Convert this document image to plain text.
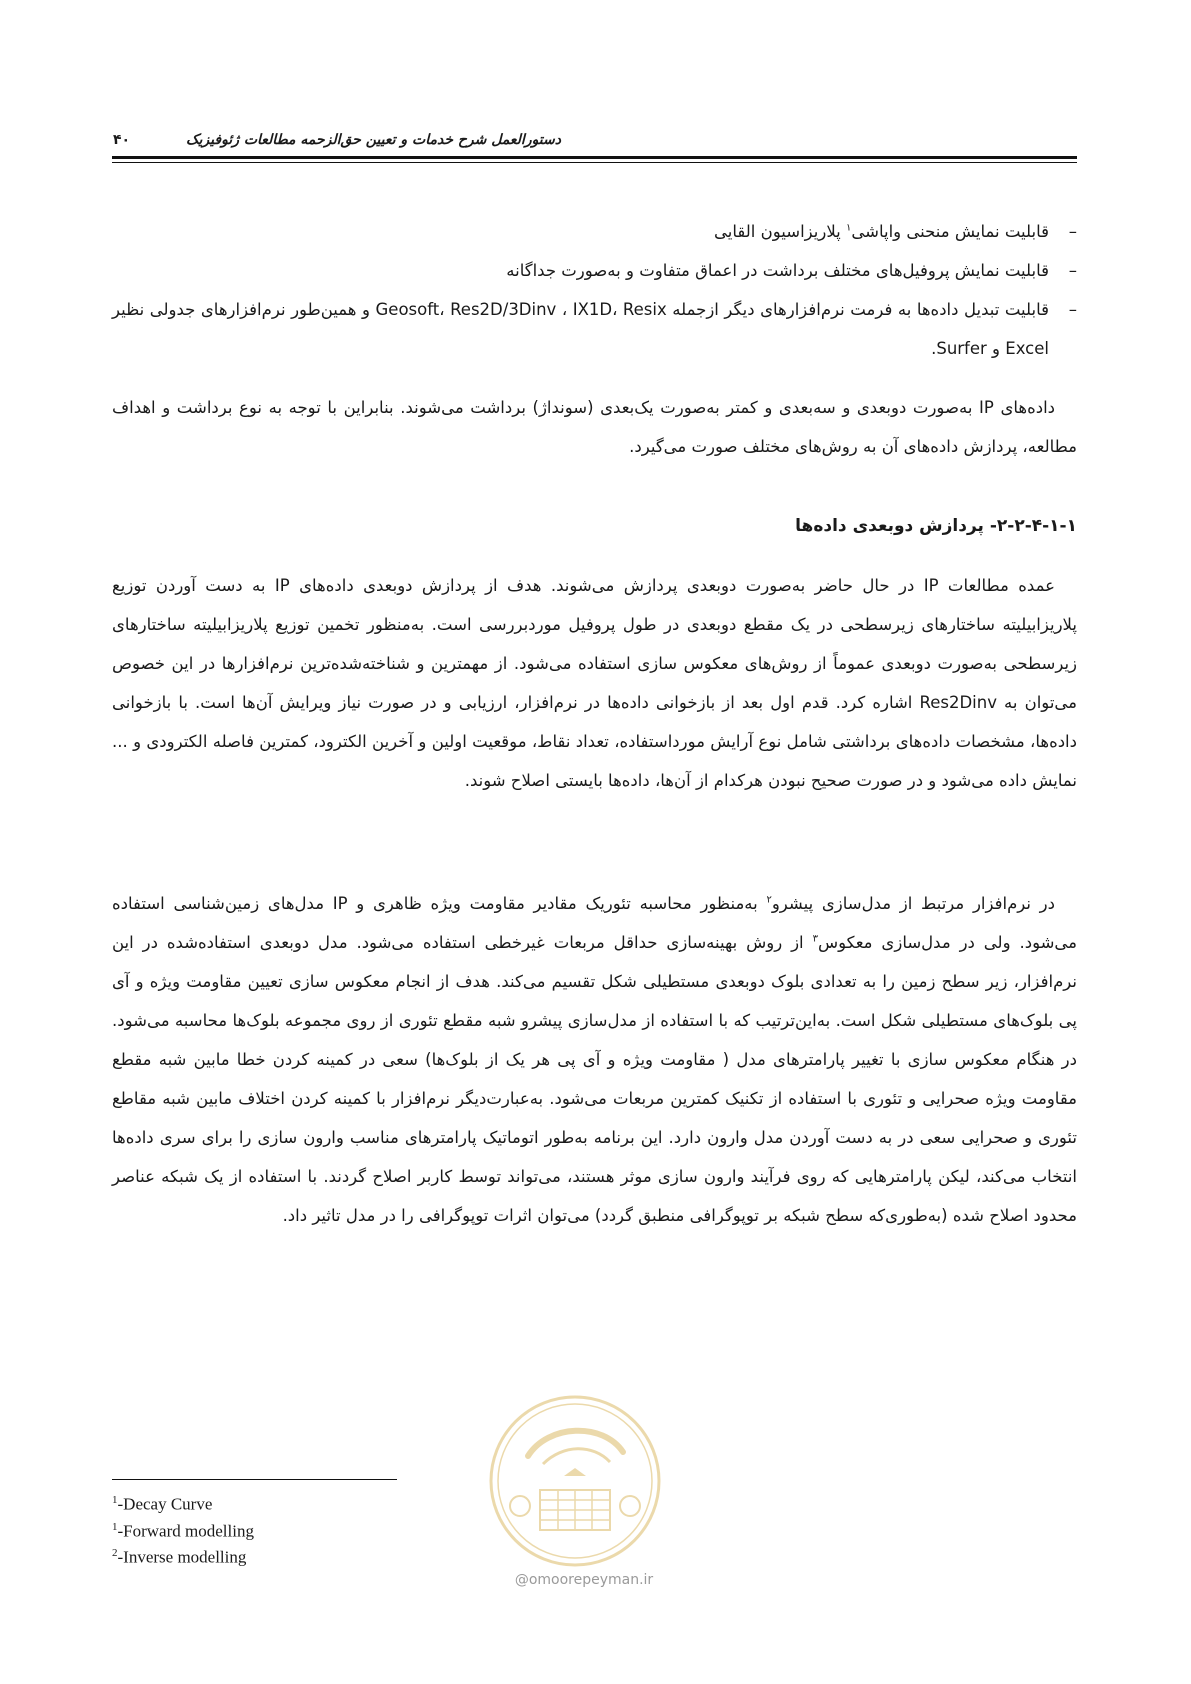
دستورالعمل شرح خدمات و تعیین حق‌الزحمه مطالعات ژئوفیزیک
۴۰
–
قابلیت نمایش منحنی واپاشی$^۱$ پلاریزاسیون القایی
–
قابلیت نمایش پروفیل‌های مختلف برداشت در اعماق متفاوت و به‌صورت جداگانه
–
قابلیت تبدیل داده‌ها به فرمت نرم‌افزارهای دیگر ازجمله Geosoft، Res2D/3Dinv ، IX1D، Resix و همین‌طور نرم‌افزارهای جدولی نظیر Excel و Surfer.
داده‌های IP به‌صورت دوبعدی و سه‌بعدی و کمتر به‌صورت یک‌بعدی (سونداژ) برداشت می‌شوند. بنابراین با توجه به نوع برداشت و اهداف مطالعه، پردازش داده‌های آن به روش‌های مختلف صورت می‌گیرد.
۲-۲-۴-۱-۱- پردازش دوبعدی داده‌ها
عمده مطالعات IP در حال حاضر به‌صورت دوبعدی پردازش می‌شوند. هدف از پردازش دوبعدی داده‌های IP به دست آوردن توزیع پلاریزابیلیته ساختارهای زیرسطحی در یک مقطع دوبعدی در طول پروفیل موردبررسی است. به‌منظور تخمین توزیع پلاریزابیلیته ساختارهای زیرسطحی به‌صورت دوبعدی عموماً از روش‌های معکوس سازی استفاده می‌شود. از مهمترین و شناخته‌شده‌ترین نرم‌افزارها در این خصوص می‌توان به Res2Dinv اشاره کرد. قدم اول بعد از بازخوانی داده‌ها در نرم‌افزار، ارزیابی و در صورت نیاز ویرایش آن‌ها است. با بازخوانی داده‌ها، مشخصات داده‌های برداشتی شامل نوع آرایش مورداستفاده، تعداد نقاط، موقعیت اولین و آخرین الکترود، کمترین فاصله الکترودی و ... نمایش داده می‌شود و در صورت صحیح نبودن هرکدام از آن‌ها، داده‌ها بایستی اصلاح شوند.
در نرم‌افزار مرتبط از مدل‌سازی پیشرو$^۲$ به‌منظور محاسبه تئوریک مقادیر مقاومت ویژه ظاهری و IP مدل‌های زمین‌شناسی استفاده می‌شود. ولی در مدل‌سازی معکوس$^۳$ از روش بهینه‌سازی حداقل مربعات غیرخطی استفاده می‌شود. مدل دوبعدی استفاده‌شده در این نرم‌افزار، زیر سطح زمین را به تعدادی بلوک دوبعدی مستطیلی شکل تقسیم می‌کند. هدف از انجام معکوس سازی تعیین مقاومت ویژه و آی پی بلوک‌های مستطیلی شکل است. به‌این‌ترتیب که با استفاده از مدل‌سازی پیشرو شبه مقطع تئوری از روی مجموعه بلوک‌ها محاسبه می‌شود. در هنگام معکوس سازی با تغییر پارامترهای مدل ( مقاومت ویژه و آی پی هر یک از بلوک‌ها) سعی در کمینه کردن خطا مابین شبه مقطع مقاومت ویژه صحرایی و تئوری با استفاده از تکنیک کمترین مربعات می‌شود. به‌عبارت‌دیگر نرم‌افزار با کمینه کردن اختلاف مابین شبه مقاطع تئوری و صحرایی سعی در به دست آوردن مدل وارون دارد. این برنامه به‌طور اتوماتیک پارامترهای مناسب وارون سازی را برای سری داده‌ها انتخاب می‌کند، لیکن پارامترهایی که روی فرآیند وارون سازی موثر هستند، می‌تواند توسط کاربر اصلاح گردند. با استفاده از یک شبکه عناصر محدود اصلاح شده (به‌طوری‌که سطح شبکه بر توپوگرافی منطبق گردد) می‌توان اثرات توپوگرافی را در مدل تاثیر داد.
$^1$-Decay Curve
$^1$-Forward modelling
$^2$-Inverse modelling
@omoorepeyman.ir
